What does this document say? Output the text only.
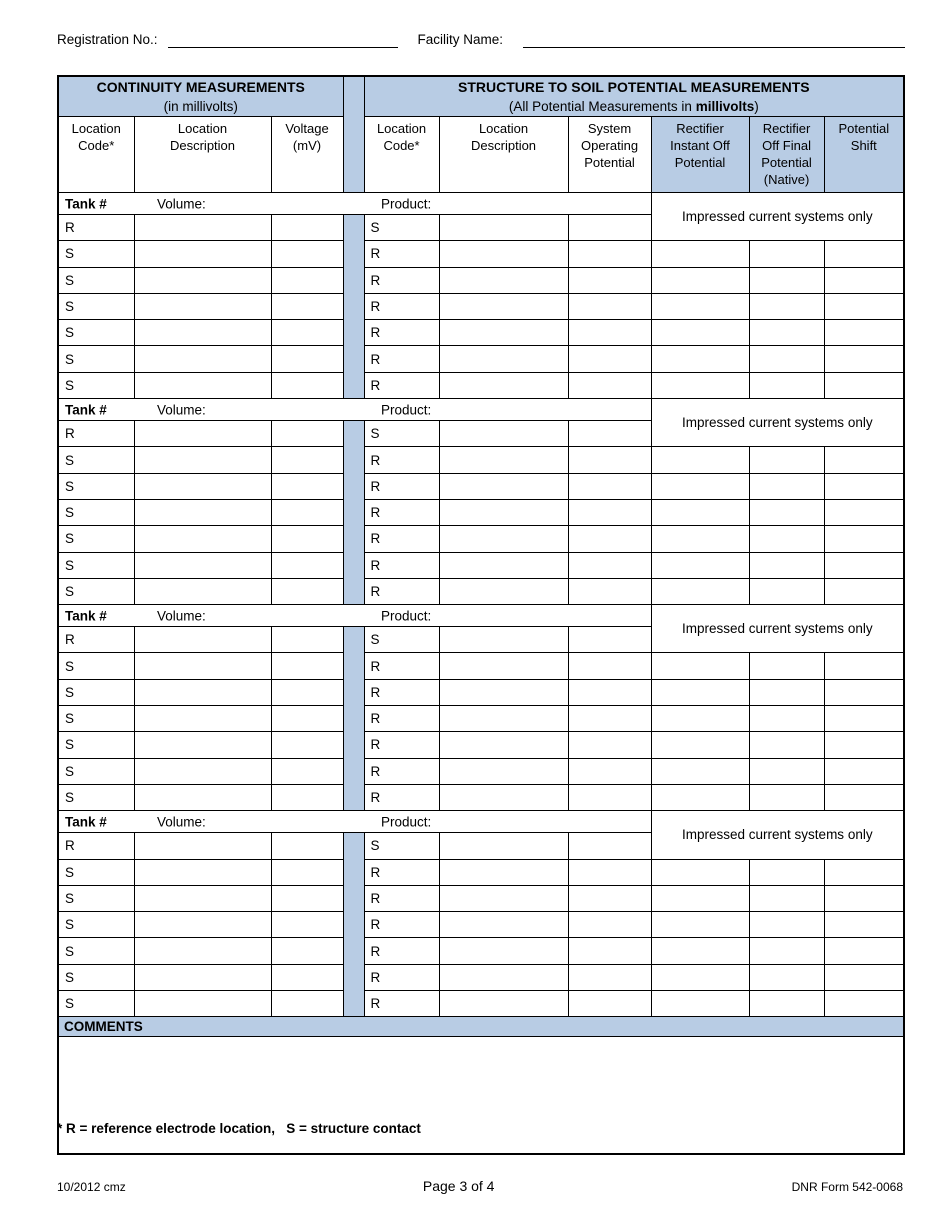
Registration No.:	Facility Name:
CONTINUITY MEASUREMENTS
(in millivolts)

STRUCTURE TO SOIL POTENTIAL MEASUREMENTS
(All Potential Measurements in millivolts)

Location Code*	Location Description	Voltage (mV)		Location Code*	Location Description	System Operating Potential	Rectifier Instant Off Potential	Rectifier Off Final Potential (Native)	Potential Shift

Tank # Volume: Product:							Impressed current systems only		
R				S					
S				R					
S				R					
S				R					
S				R					
S				R					
S				R					

Tank # Volume: Product:							Impressed current systems only		
R				S					
S				R					
S				R					
S				R					
S				R					
S				R					
S				R					

Tank # Volume: Product:							Impressed current systems only		
R				S					
S				R					
S				R					
S				R					
S				R					
S				R					
S				R					

Tank # Volume: Product:							Impressed current systems only		
R				S					
S				R					
S				R					
S				R					
S				R					
S				R					
S				R					
COMMENTS									

* R = reference electrode location,   S = structure contact
10/2012 cmz	Page 3 of 4	DNR Form 542-0068
